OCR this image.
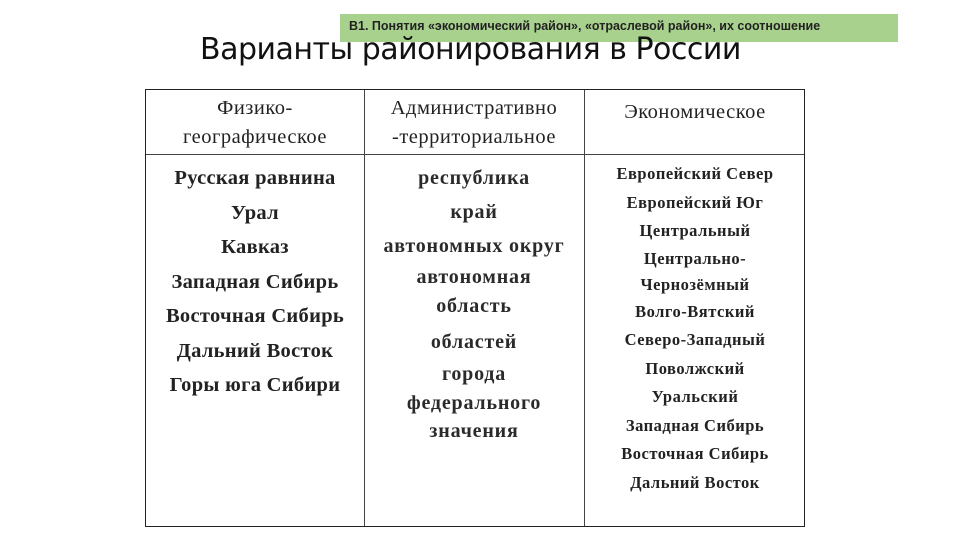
В1. Понятия «экономический район», «отраслевой район», их соотношение
Варианты районирования в России
Физико-
географическое
Административно
-территориальное
Экономическое
Русская равнина
Урал
Кавказ
Западная Сибирь
Восточная Сибирь
Дальний Восток
Горы юга Сибири
республика
край
автономных округ
автономная
область
областей
города
федерального
значения
Европейский Север
Европейский Юг
Центральный
Центрально-
Чернозёмный
Волго-Вятский
Северо-Западный
Поволжский
Уральский
Западная Сибирь
Восточная Сибирь
Дальний Восток
